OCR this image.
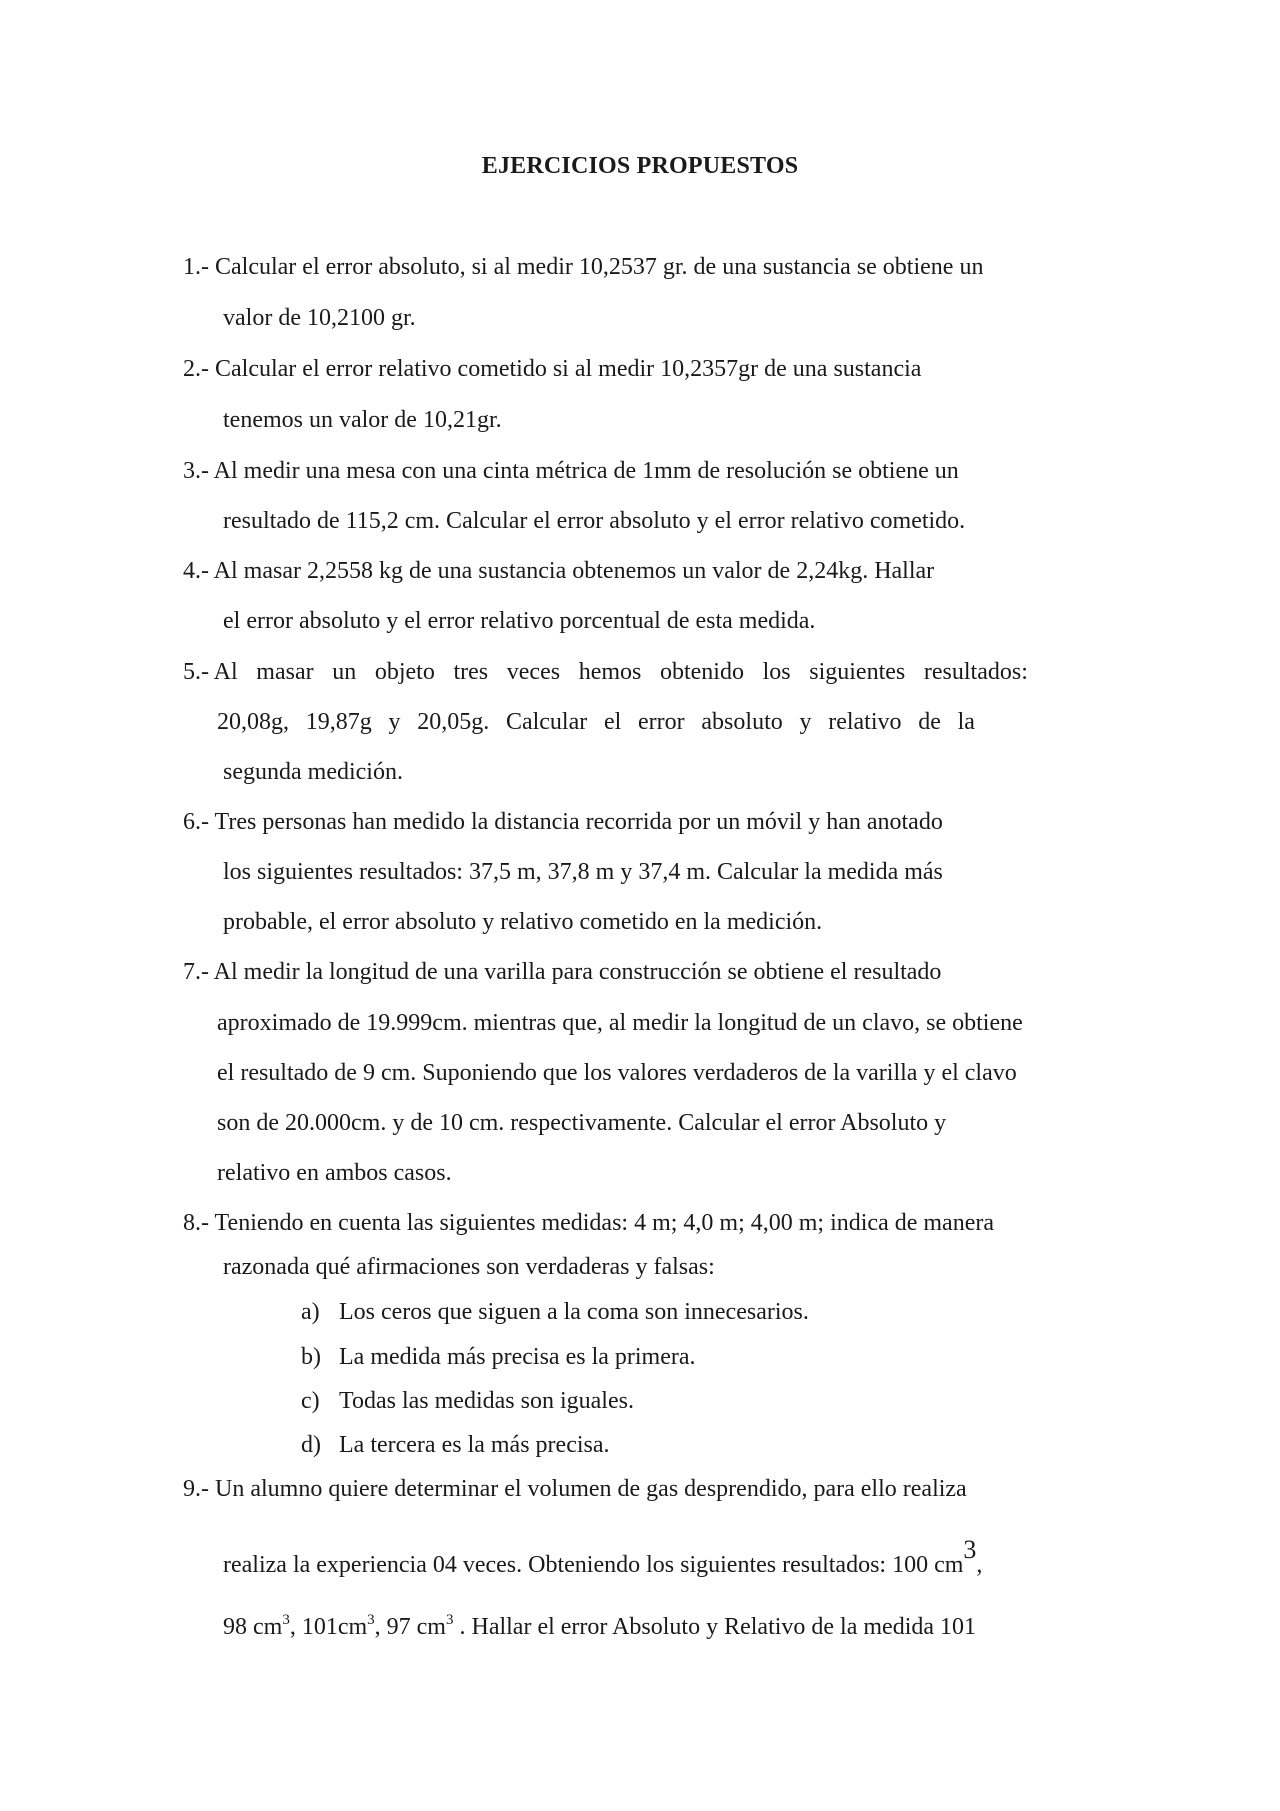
EJERCICIOS PROPUESTOS
1.- Calcular el error absoluto, si al medir 10,2537 gr. de una sustancia se obtiene un
valor de 10,2100 gr.
2.- Calcular el error relativo cometido si al medir 10,2357gr de una sustancia
tenemos un valor de 10,21gr.
3.- Al medir una mesa con una cinta métrica de 1mm de resolución se obtiene un
resultado de 115,2 cm. Calcular el error absoluto y el error relativo cometido.
4.- Al masar 2,2558 kg de una sustancia obtenemos un valor de 2,24kg. Hallar
el error absoluto y el error relativo porcentual de esta medida.
5.- Al masar un objeto tres veces hemos obtenido los siguientes resultados:
20,08g, 19,87g y 20,05g. Calcular el error absoluto y relativo de la
segunda medición.
6.- Tres personas han medido la distancia recorrida por un móvil y han anotado
los siguientes resultados: 37,5 m, 37,8 m y 37,4 m. Calcular la medida más
probable, el error absoluto y relativo cometido en la medición.
7.- Al medir la longitud de una varilla para construcción se obtiene el resultado
aproximado de 19.999cm. mientras que, al medir la longitud de un clavo, se obtiene
el resultado de 9 cm. Suponiendo que los valores verdaderos de la varilla y el clavo
son de 20.000cm. y de 10 cm. respectivamente. Calcular el error Absoluto y
relativo en ambos casos.
8.- Teniendo en cuenta las siguientes medidas: 4 m; 4,0 m; 4,00 m; indica de manera
razonada qué afirmaciones son verdaderas y falsas:
a) Los ceros que siguen a la coma son innecesarios.
b) La medida más precisa es la primera.
c) Todas las medidas son iguales.
d) La tercera es la más precisa.
9.- Un alumno quiere determinar el volumen de gas desprendido, para ello realiza
realiza la experiencia 04 veces. Obteniendo los siguientes resultados: 100 $cm^3$,
98 $cm^3$, $101cm^3$, 97 $cm^3$ . Hallar el error Absoluto y Relativo de la medida 101
